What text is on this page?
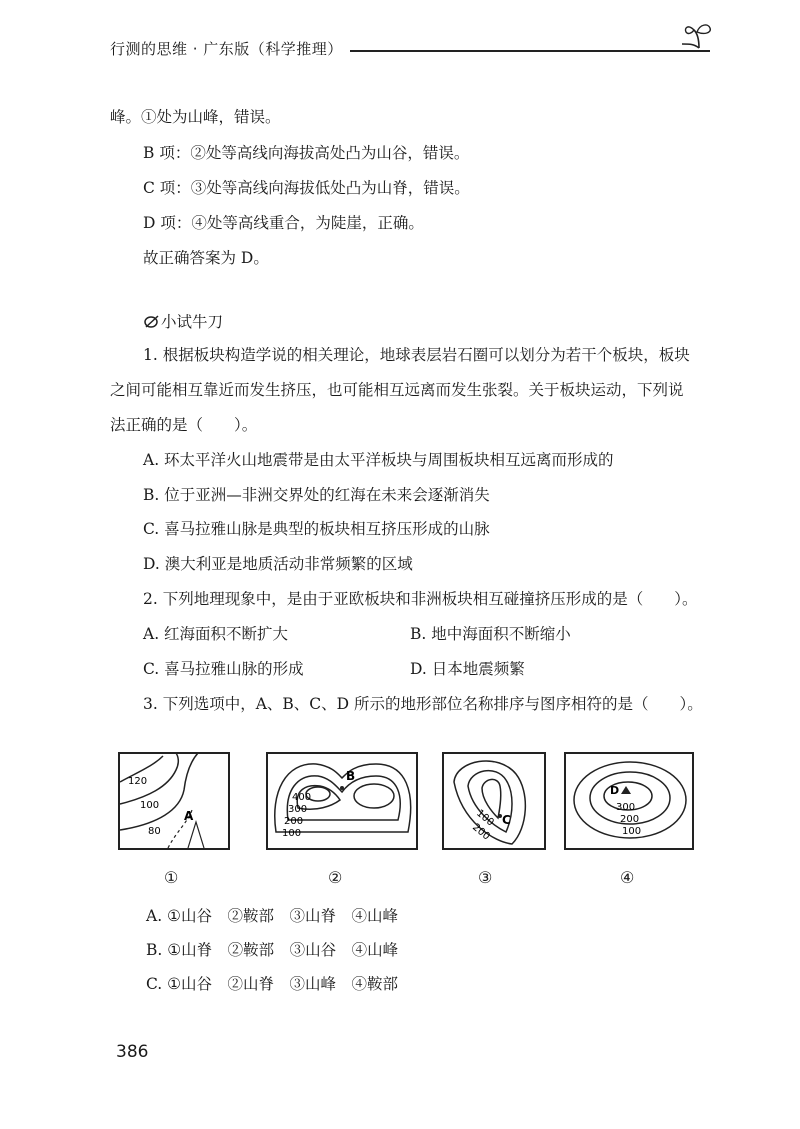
行测的思维 · 广东版（科学推理）
峰。①处为山峰，错误。
B 项：②处等高线向海拔高处凸为山谷，错误。
C 项：③处等高线向海拔低处凸为山脊，错误。
D 项：④处等高线重合，为陡崖，正确。
故正确答案为 D。
小试牛刀
1. 根据板块构造学说的相关理论，地球表层岩石圈可以划分为若干个板块，板块
之间可能相互靠近而发生挤压，也可能相互远离而发生张裂。关于板块运动，下列说
法正确的是（　　）。
A. 环太平洋火山地震带是由太平洋板块与周围板块相互远离而形成的
B. 位于亚洲—非洲交界处的红海在未来会逐渐消失
C. 喜马拉雅山脉是典型的板块相互挤压形成的山脉
D. 澳大利亚是地质活动非常频繁的区域
2. 下列地理现象中，是由于亚欧板块和非洲板块相互碰撞挤压形成的是（　　）。
A. 红海面积不断扩大	B. 地中海面积不断缩小
C. 喜马拉雅山脉的形成	D. 日本地震频繁
3. 下列选项中，A、B、C、D 所示的地形部位名称排序与图序相符的是（　　）。
120
100
80
A
400
300
200
100
B
100
200
C
D
300
200
100
①	②	③	④
A. ①山谷　②鞍部　③山脊　④山峰
B. ①山脊　②鞍部　③山谷　④山峰
C. ①山谷　②山脊　③山峰　④鞍部
386
